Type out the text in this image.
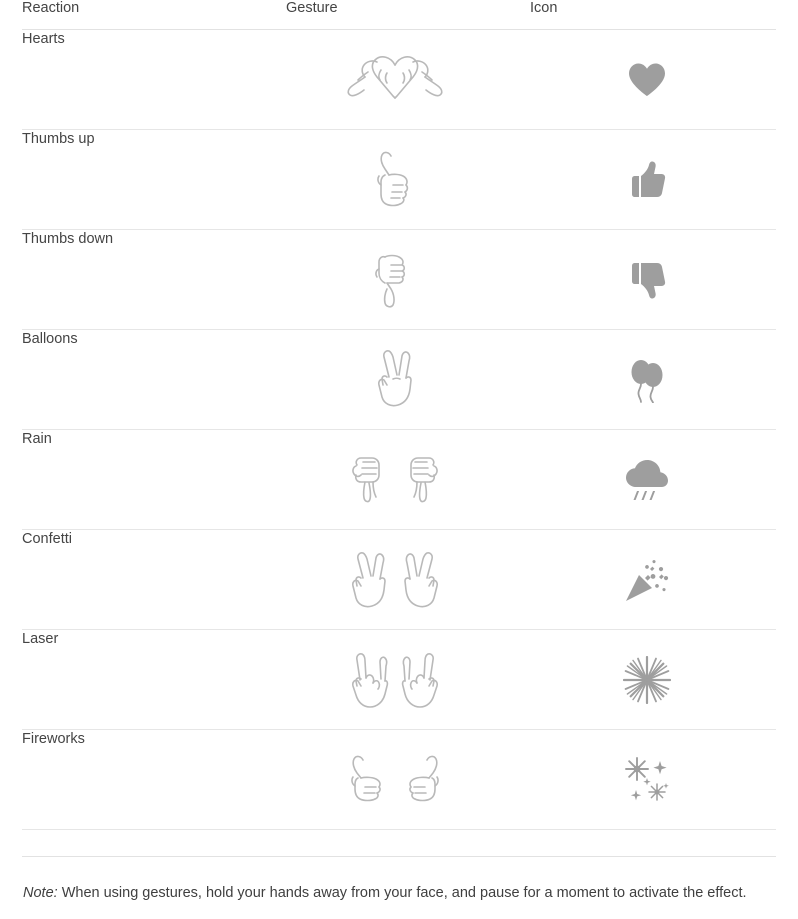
Reaction	Gesture	Icon
Hearts	

Thumbs up	

Thumbs down	

Balloons	

Rain	

Confetti	

Laser	

Fireworks	

Note: When using gestures, hold your hands away from your face, and pause for a moment to activate the effect.
